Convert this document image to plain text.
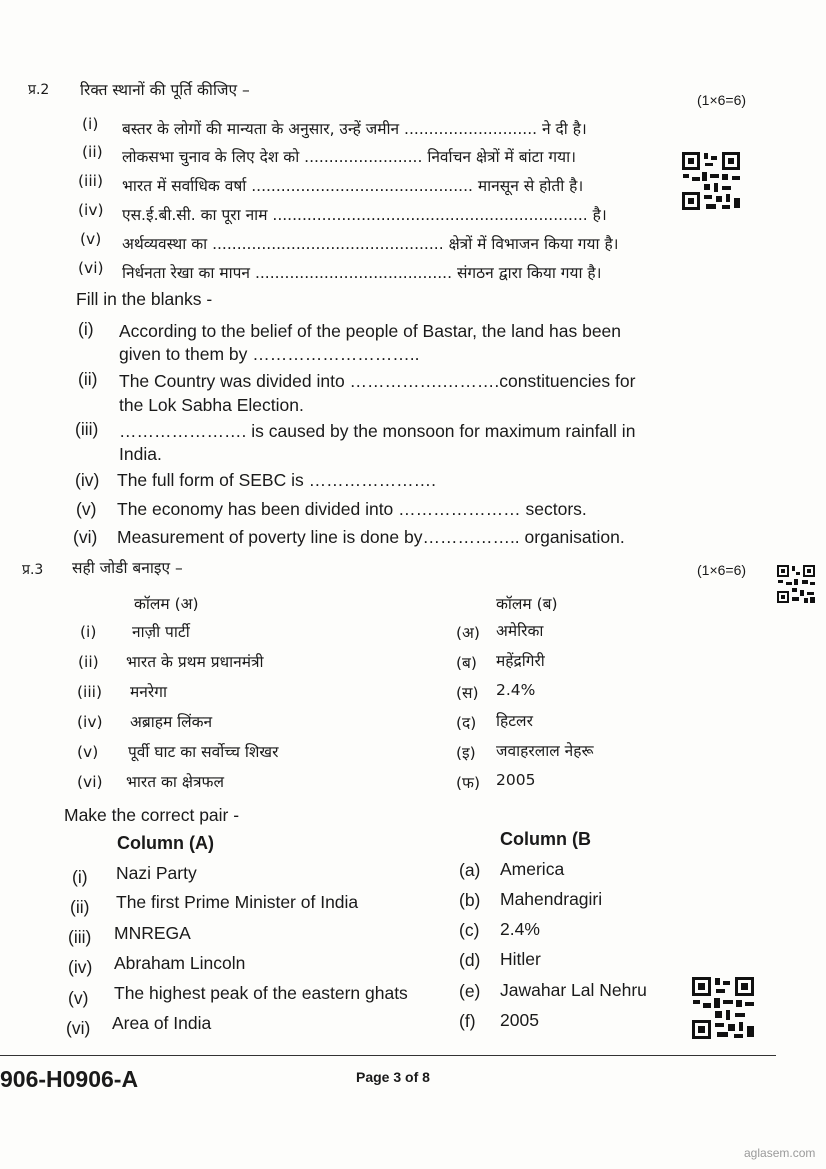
प्र.2 रिक्त स्थानों की पूर्ति कीजिए –
(1×6=6)
(i) बस्तर के लोगों की मान्यता के अनुसार, उन्हें जमीन ........................... ने दी है।
(ii) लोकसभा चुनाव के लिए देश को ........................ निर्वाचन क्षेत्रों में बांटा गया।
(iii) भारत में सर्वाधिक वर्षा ............................................. मानसून से होती है।
(iv) एस.ई.बी.सी. का पूरा नाम ................................................................ है।
(v) अर्थव्यवस्था का ............................................... क्षेत्रों में विभाजन किया गया है।
(vi) निर्धनता रेखा का मापन ........................................ संगठन द्वारा किया गया है।
Fill in the blanks -
(i) According to the belief of the people of Bastar, the land has been
given to them by ………………………..
(ii) The Country was divided into …………….……….constituencies for
the Lok Sabha Election.
(iii) …………………. is caused by the monsoon for maximum rainfall in
India.
(iv) The full form of SEBC is ………………….
(v) The economy has been divided into ………………… sectors.
(vi) Measurement of poverty line is done by…………….. organisation.
प्र.3 सही जोडी बनाइए –	(1×6=6)
कॉलम (अ)	कॉलम (ब)
(i) नाज़ी पार्टी	(अ) अमेरिका
(ii) भारत के प्रथम प्रधानमंत्री	(ब) महेंद्रगिरी
(iii) मनरेगा	(स) 2.4%
(iv) अब्राहम लिंकन	(द) हिटलर
(v) पूर्वी घाट का सर्वोच्च शिखर	(इ) जवाहरलाल नेहरू
(vi) भारत का क्षेत्रफल	(फ) 2005
Make the correct pair -
Column (A)	Column (B
(i) Nazi Party	(a) America
(ii) The first Prime Minister of India	(b) Mahendragiri
(iii) MNREGA	(c) 2.4%
(iv) Abraham Lincoln	(d) Hitler
(v) The highest peak of the eastern ghats	(e) Jawahar Lal Nehru
(vi) Area of India	(f) 2005
906-H0906-A	Page 3 of 8
aglasem.com
